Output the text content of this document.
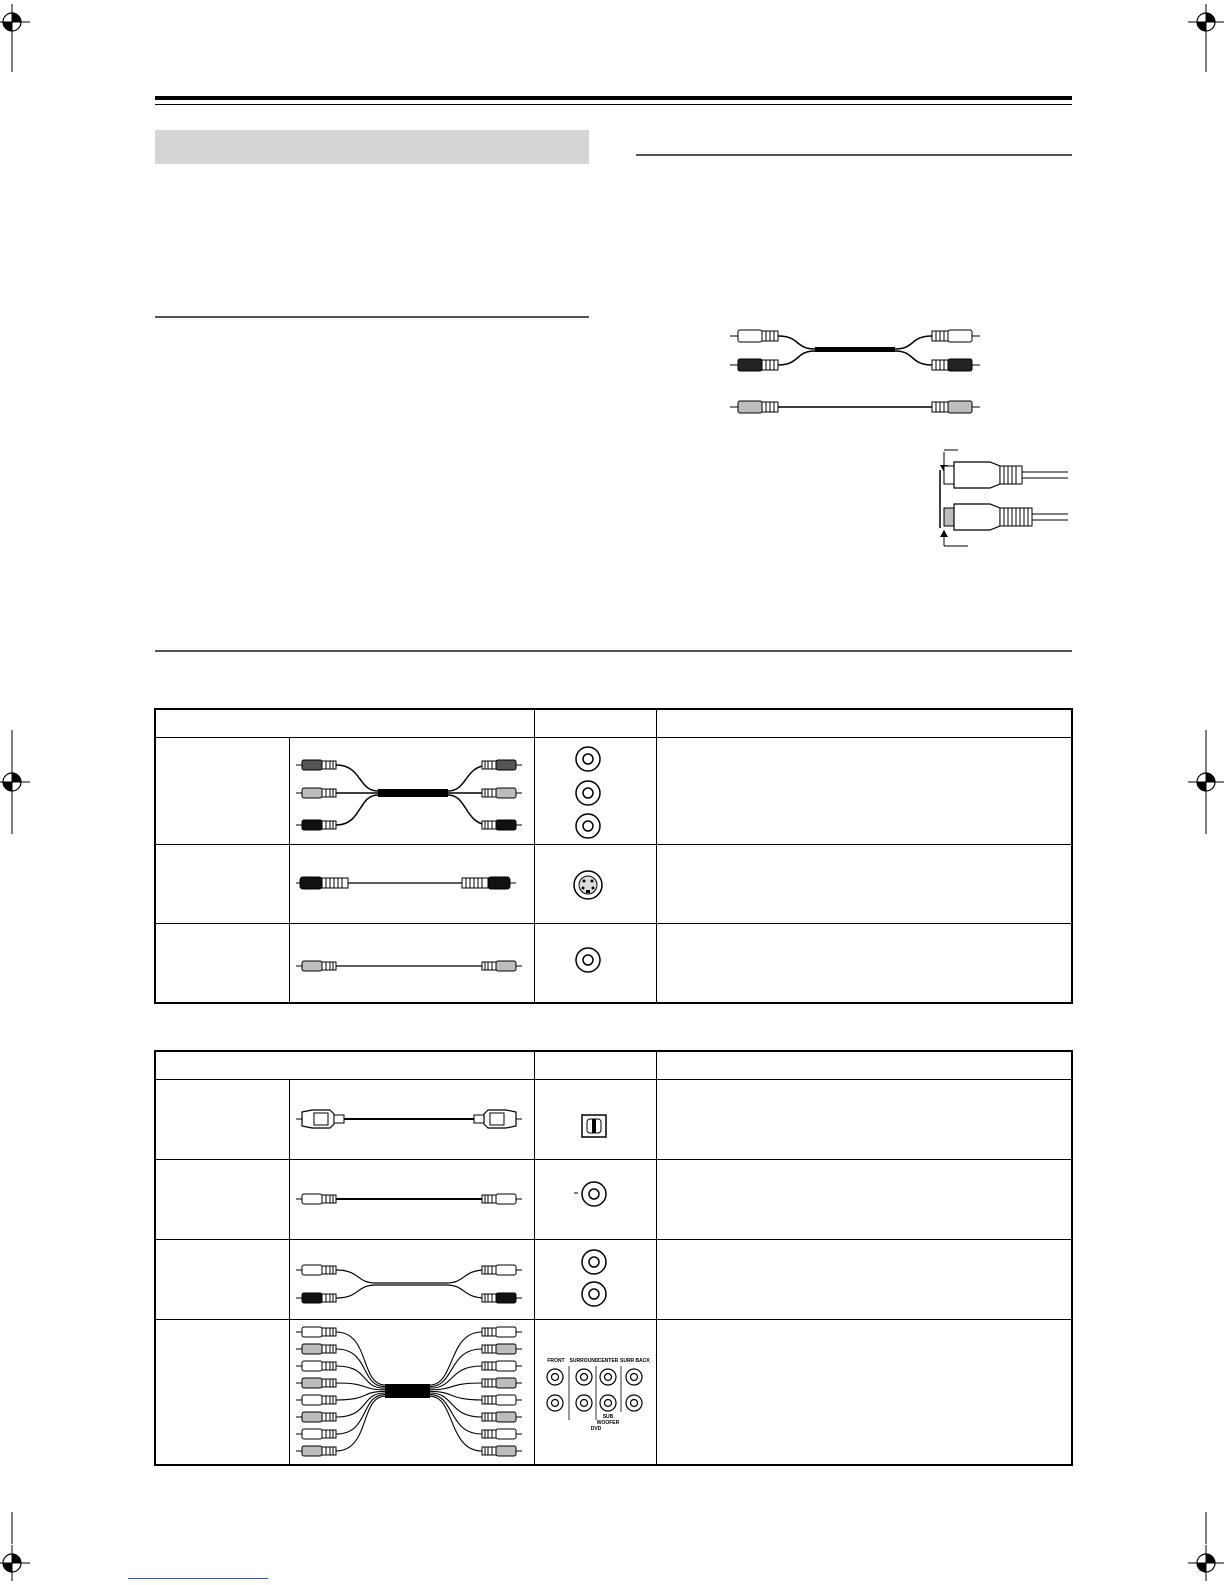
FRONT SURROUND CENTER SURR BACK
SUB
WOOFER
DVD
